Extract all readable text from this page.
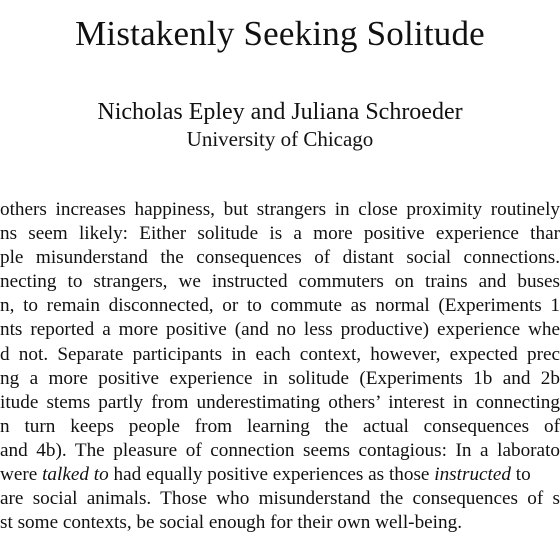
Mistakenly Seeking Solitude
Nicholas Epley and Juliana Schroeder
University of Chicago
others increases happiness, but strangers in close proximity routinely
ns seem likely: Either solitude is a more positive experience thar
ple misunderstand the consequences of distant social connections.
necting to strangers, we instructed commuters on trains and buses
n, to remain disconnected, or to commute as normal (Experiments 1
nts reported a more positive (and no less productive) experience whe
d not. Separate participants in each context, however, expected prec
ng a more positive experience in solitude (Experiments 1b and 2b
itude stems partly from underestimating others’ interest in connecting
n turn keeps people from learning the actual consequences of
and 4b). The pleasure of connection seems contagious: In a laborato
were talked to had equally positive experiences as those instructed to
are social animals. Those who misunderstand the consequences of s
st some contexts, be social enough for their own well-being.
